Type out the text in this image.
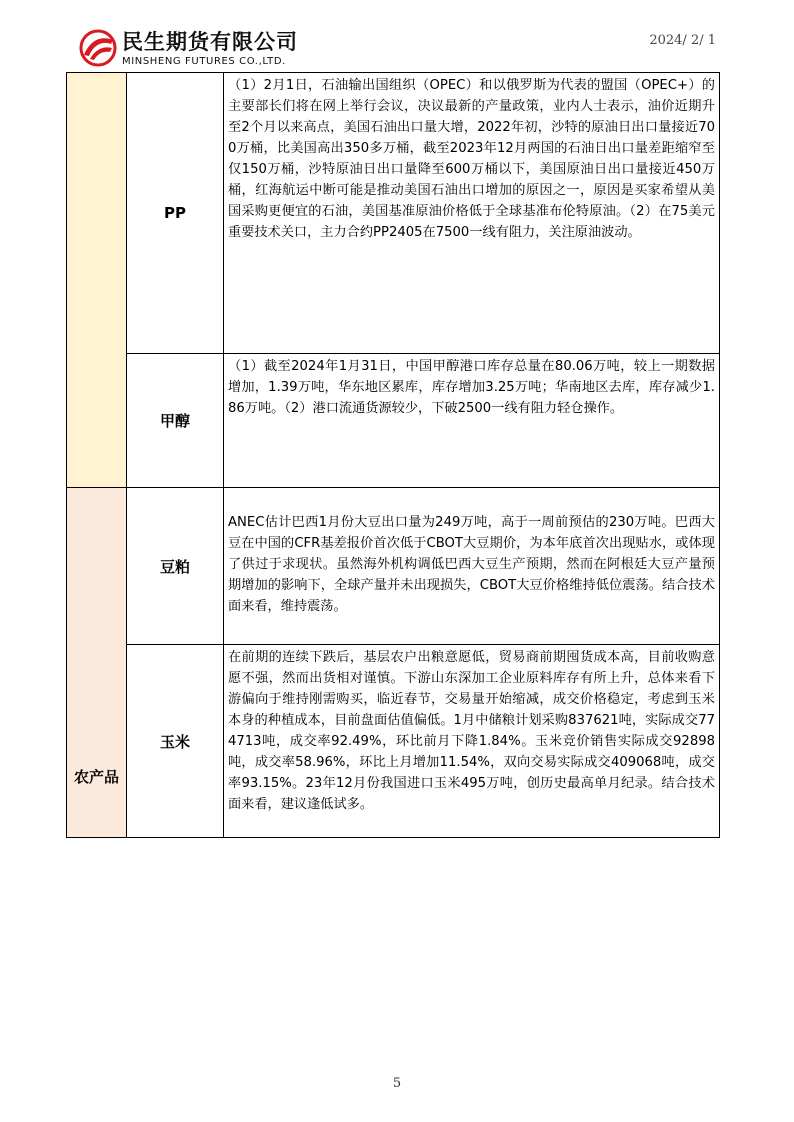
民生期货有限公司
MINSHENG FUTURES CO.,LTD.
2024/ 2/ 1
	PP	（1）2月1日，石油输出国组织（OPEC）和以俄罗斯为代表的盟国（OPEC+）的主要部长们将在网上举行会议，决议最新的产量政策，业内人士表示，油价近期升至2个月以来高点，美国石油出口量大增，2022年初，沙特的原油日出口量接近700万桶，比美国高出350多万桶，截至2023年12月两国的石油日出口量差距缩窄至仅150万桶，沙特原油日出口量降至600万桶以下，美国原油日出口量接近450万桶，红海航运中断可能是推动美国石油出口增加的原因之一，原因是买家希望从美国采购更便宜的石油，美国基准原油价格低于全球基准布伦特原油。（2）在75美元重要技术关口，主力合约PP2405在7500一线有阻力，关注原油波动。
	甲醇	（1）截至2024年1月31日，中国甲醇港口库存总量在80.06万吨，较上一期数据增加，1.39万吨，华东地区累库，库存增加3.25万吨；华南地区去库，库存减少1.86万吨。（2）港口流通货源较少，下破2500一线有阻力轻仓操作。

农产品	豆粕	ANEC估计巴西1月份大豆出口量为249万吨，高于一周前预估的230万吨。巴西大豆在中国的CFR基差报价首次低于CBOT大豆期价，为本年底首次出现贴水，或体现了供过于求现状。虽然海外机构调低巴西大豆生产预期，然而在阿根廷大豆产量预期增加的影响下，全球产量并未出现损失，CBOT大豆价格维持低位震荡。结合技术面来看，维持震荡。
	玉米	在前期的连续下跌后，基层农户出粮意愿低，贸易商前期囤货成本高，目前收购意愿不强，然而出货相对谨慎。下游山东深加工企业原料库存有所上升，总体来看下游偏向于维持刚需购买，临近春节，交易量开始缩减，成交价格稳定，考虑到玉米本身的种植成本，目前盘面估值偏低。1月中储粮计划采购837621吨，实际成交774713吨，成交率92.49%，环比前月下降1.84%。玉米竞价销售实际成交92898吨，成交率58.96%，环比上月增加11.54%，双向交易实际成交409068吨，成交率93.15%。23年12月份我国进口玉米495万吨，创历史最高单月纪录。结合技术面来看，建议逢低试多。
5
